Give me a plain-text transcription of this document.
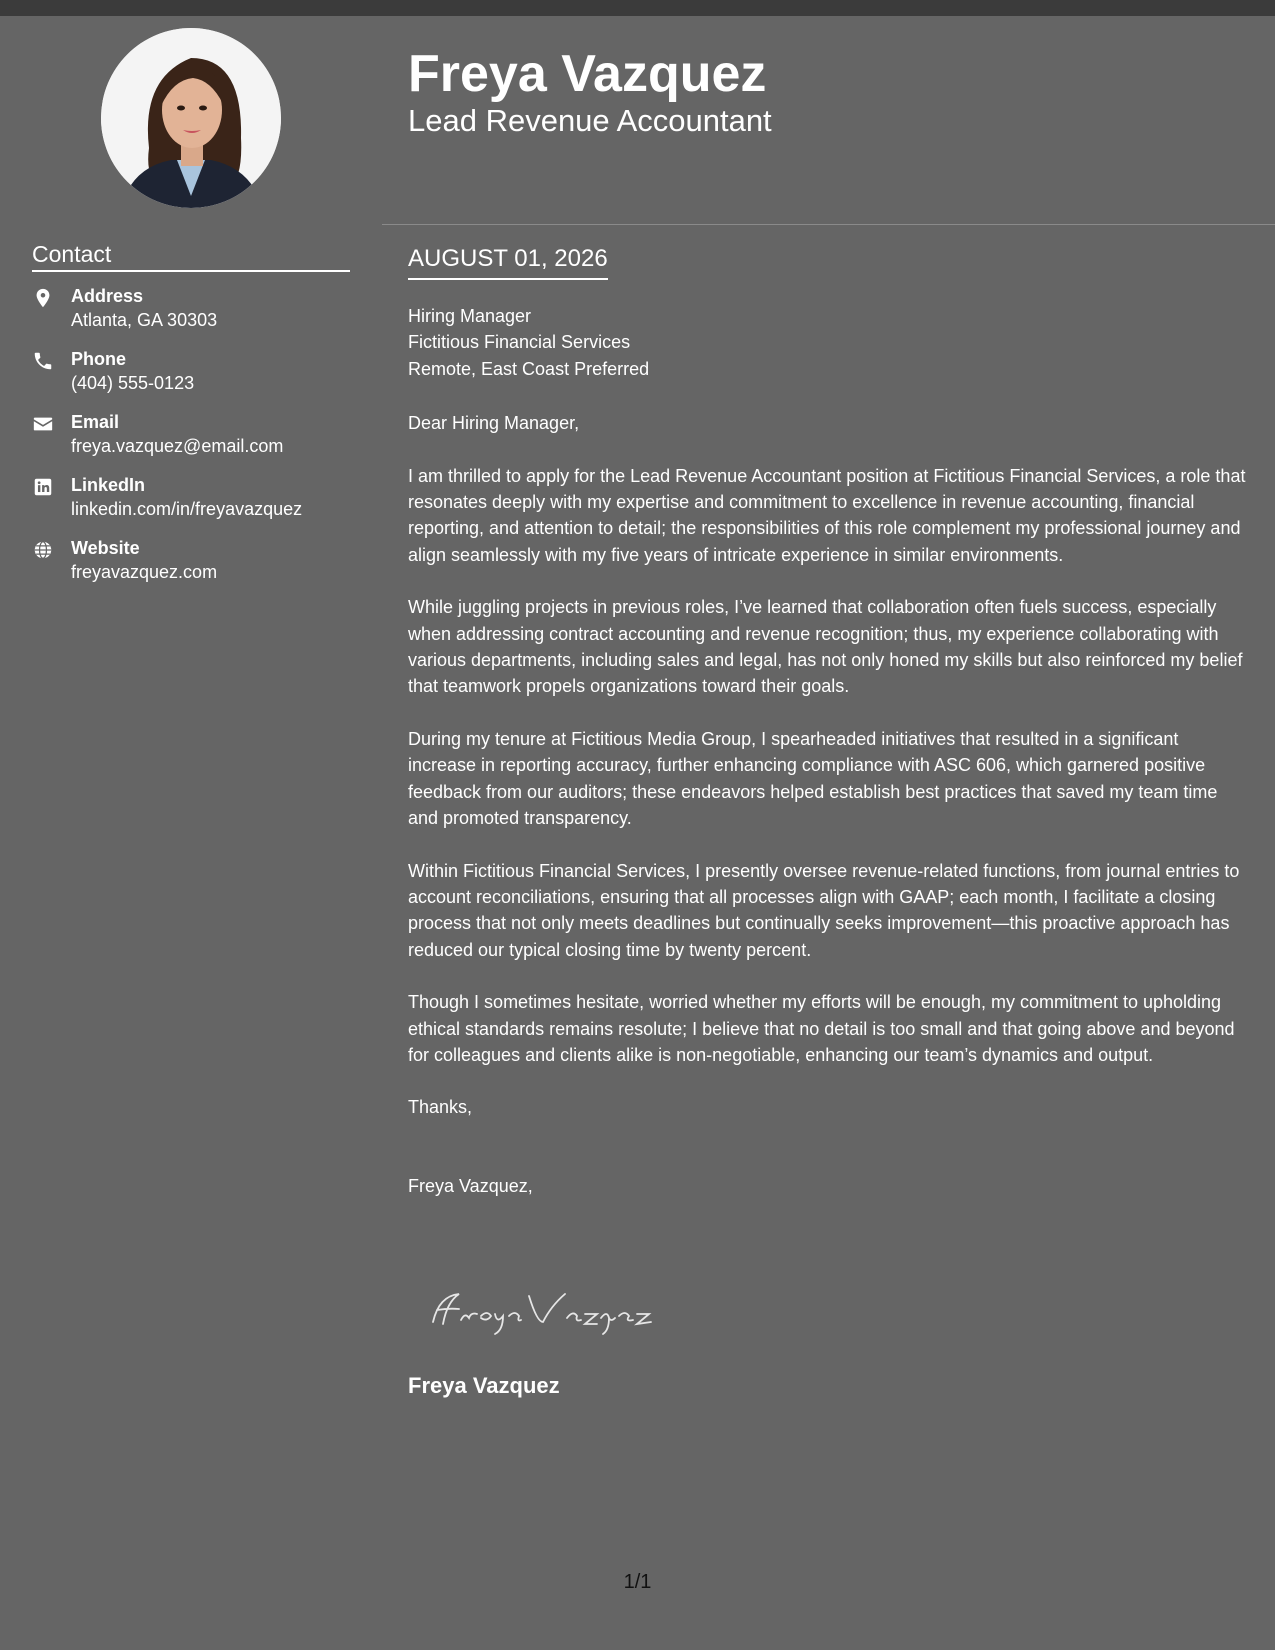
Contact
Address
Atlanta, GA 30303
Phone
(404) 555-0123
Email
freya.vazquez@email.com
LinkedIn
linkedin.com/in/freyavazquez
Website
freyavazquez.com
Freya Vazquez
Lead Revenue Accountant
AUGUST 01, 2026
Hiring Manager
Fictitious Financial Services
Remote, East Coast Preferred

Dear Hiring Manager,

I am thrilled to apply for the Lead Revenue Accountant position at Fictitious Financial Services, a role that resonates deeply with my expertise and commitment to excellence in revenue accounting, financial reporting, and attention to detail; the responsibilities of this role complement my professional journey and align seamlessly with my five years of intricate experience in similar environments.

While juggling projects in previous roles, I’ve learned that collaboration often fuels success, especially when addressing contract accounting and revenue recognition; thus, my experience collaborating with various departments, including sales and legal, has not only honed my skills but also reinforced my belief that teamwork propels organizations toward their goals.

During my tenure at Fictitious Media Group, I spearheaded initiatives that resulted in a significant increase in reporting accuracy, further enhancing compliance with ASC 606, which garnered positive feedback from our auditors; these endeavors helped establish best practices that saved my team time and promoted transparency.

Within Fictitious Financial Services, I presently oversee revenue-related functions, from journal entries to account reconciliations, ensuring that all processes align with GAAP; each month, I facilitate a closing process that not only meets deadlines but continually seeks improvement—this proactive approach has reduced our typical closing time by twenty percent.

Though I sometimes hesitate, worried whether my efforts will be enough, my commitment to upholding ethical standards remains resolute; I believe that no detail is too small and that going above and beyond for colleagues and clients alike is non-negotiable, enhancing our team’s dynamics and output.

Thanks,

Freya Vazquez,

Freya Vazquez
1/1
